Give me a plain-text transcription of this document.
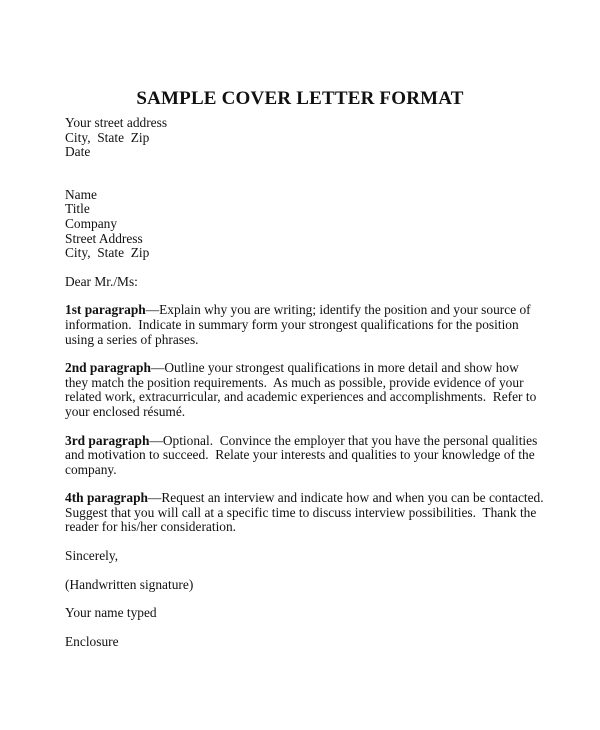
SAMPLE COVER LETTER FORMAT
Your street address
City,  State  Zip
Date
Name
Title
Company
Street Address
City,  State  Zip
Dear Mr./Ms:
1st paragraph—Explain why you are writing; identify the position and your source of
information.  Indicate in summary form your strongest qualifications for the position
using a series of phrases.
2nd paragraph—Outline your strongest qualifications in more detail and show how
they match the position requirements.  As much as possible, provide evidence of your
related work, extracurricular, and academic experiences and accomplishments.  Refer to
your enclosed résumé.
3rd paragraph—Optional.  Convince the employer that you have the personal qualities
and motivation to succeed.  Relate your interests and qualities to your knowledge of the
company.
4th paragraph—Request an interview and indicate how and when you can be contacted.
Suggest that you will call at a specific time to discuss interview possibilities.  Thank the
reader for his/her consideration.
Sincerely,
(Handwritten signature)
Your name typed
Enclosure
